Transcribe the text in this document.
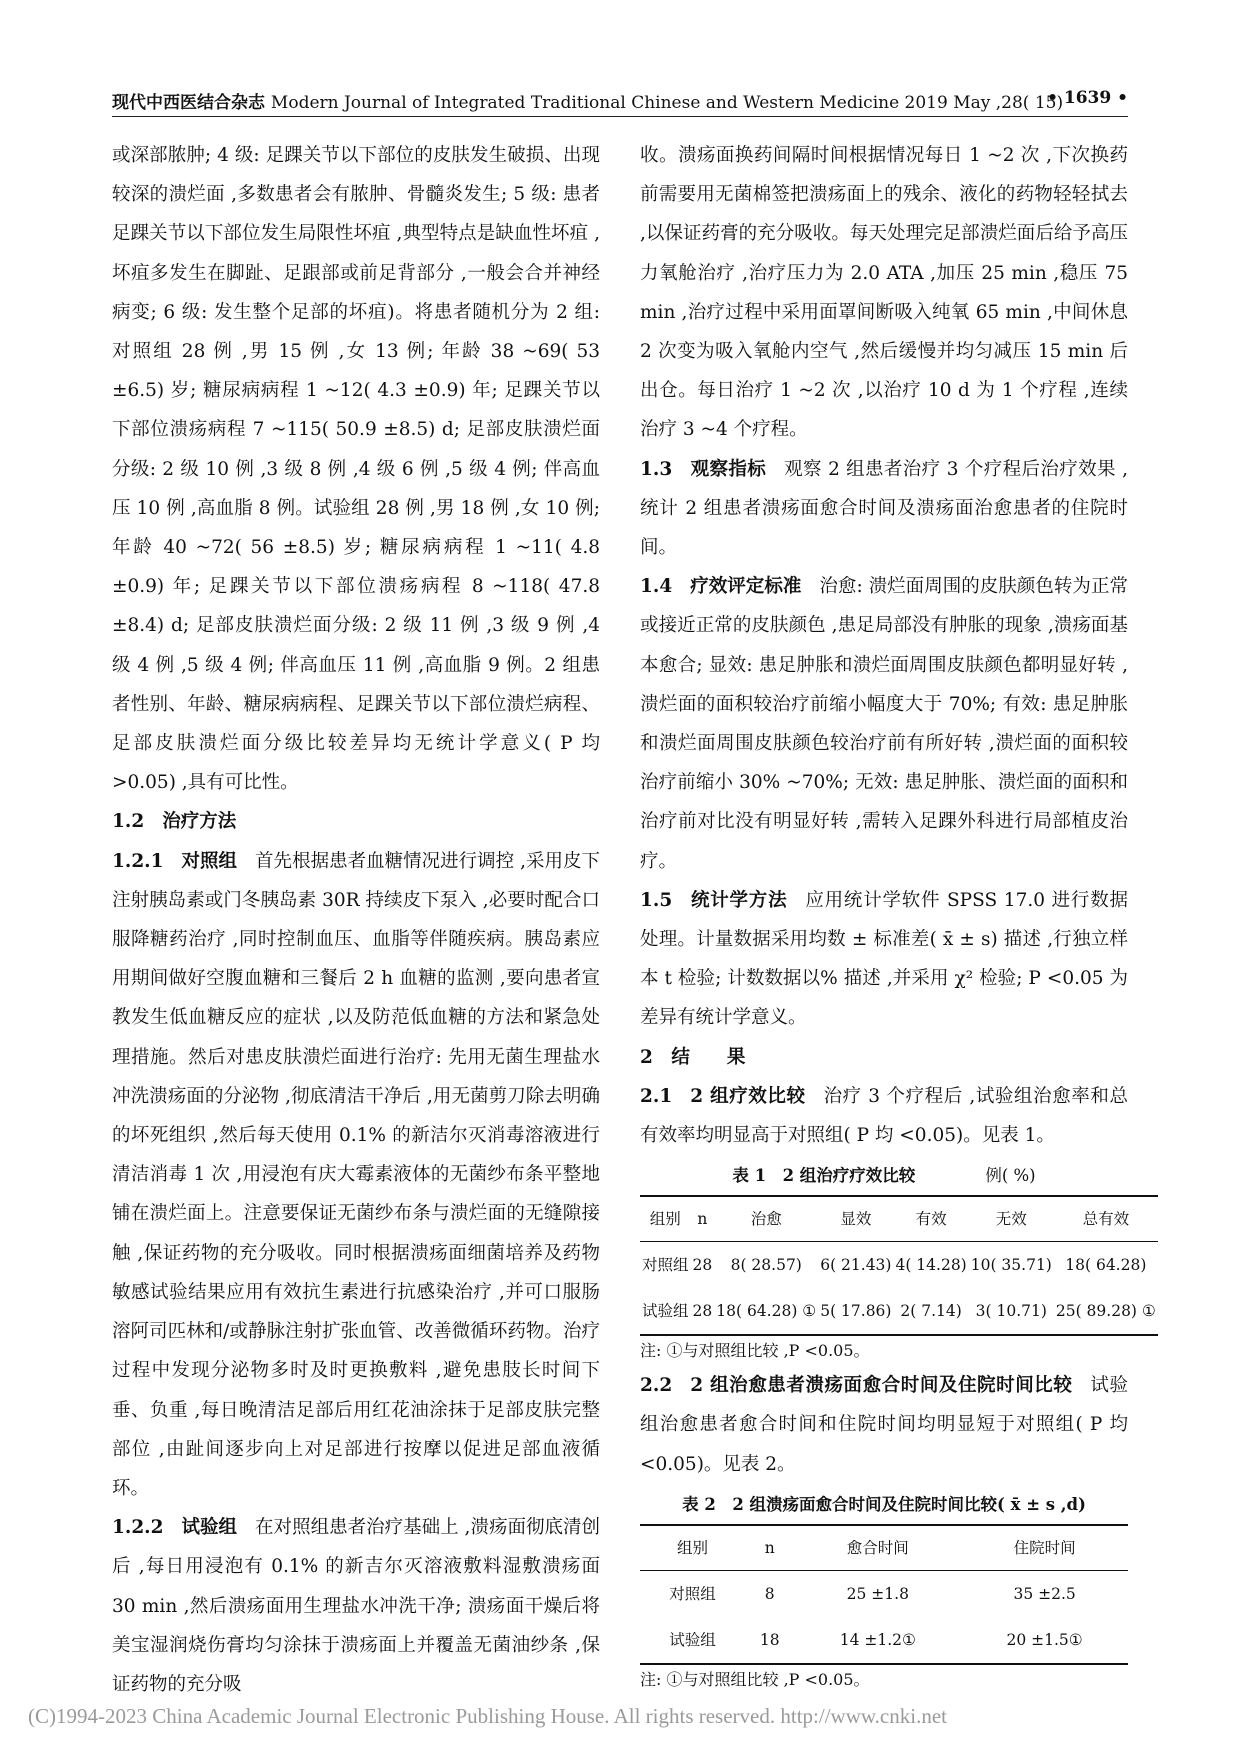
现代中西医结合杂志 Modern Journal of Integrated Traditional Chinese and Western Medicine 2019 May ,28( 15)
• 1639 •

或深部脓肿; 4 级: 足踝关节以下部位的皮肤发生破损、出现较深的溃烂面 ,多数患者会有脓肿、骨髓炎发生; 5 级: 患者足踝关节以下部位发生局限性坏疽 ,典型特点是缺血性坏疽 ,坏疽多发生在脚趾、足跟部或前足背部分 ,一般会合并神经病变; 6 级: 发生整个足部的坏疽)。将患者随机分为 2 组: 对照组 28 例 ,男 15 例 ,女 13 例; 年龄 38 ~69( 53 ±6.5) 岁; 糖尿病病程 1 ~12( 4.3 ±0.9) 年; 足踝关节以下部位溃疡病程 7 ~115( 50.9 ±8.5) d; 足部皮肤溃烂面分级: 2 级 10 例 ,3 级 8 例 ,4 级 6 例 ,5 级 4 例; 伴高血压 10 例 ,高血脂 8 例。试验组 28 例 ,男 18 例 ,女 10 例; 年龄 40 ~72( 56 ±8.5) 岁; 糖尿病病程 1 ~11( 4.8 ±0.9) 年; 足踝关节以下部位溃疡病程 8 ~118( 47.8 ±8.4) d; 足部皮肤溃烂面分级: 2 级 11 例 ,3 级 9 例 ,4 级 4 例 ,5 级 4 例; 伴高血压 11 例 ,高血脂 9 例。2 组患者性别、年龄、糖尿病病程、足踝关节以下部位溃烂病程、足部皮肤溃烂面分级比较差异均无统计学意义( P 均 >0.05) ,具有可比性。

1.2 治疗方法

1.2.1 对照组 首先根据患者血糖情况进行调控 ,采用皮下注射胰岛素或门冬胰岛素 30R 持续皮下泵入 ,必要时配合口服降糖药治疗 ,同时控制血压、血脂等伴随疾病。胰岛素应用期间做好空腹血糖和三餐后 2 h 血糖的监测 ,要向患者宣教发生低血糖反应的症状 ,以及防范低血糖的方法和紧急处理措施。然后对患皮肤溃烂面进行治疗: 先用无菌生理盐水冲洗溃疡面的分泌物 ,彻底清洁干净后 ,用无菌剪刀除去明确的坏死组织 ,然后每天使用 0.1% 的新洁尔灭消毒溶液进行清洁消毒 1 次 ,用浸泡有庆大霉素液体的无菌纱布条平整地铺在溃烂面上。注意要保证无菌纱布条与溃烂面的无缝隙接触 ,保证药物的充分吸收。同时根据溃疡面细菌培养及药物敏感试验结果应用有效抗生素进行抗感染治疗 ,并可口服肠溶阿司匹林和/或静脉注射扩张血管、改善微循环药物。治疗过程中发现分泌物多时及时更换敷料 ,避免患肢长时间下垂、负重 ,每日晚清洁足部后用红花油涂抹于足部皮肤完整部位 ,由趾间逐步向上对足部进行按摩以促进足部血液循环。

1.2.2 试验组 在对照组患者治疗基础上 ,溃疡面彻底清创后 ,每日用浸泡有 0.1% 的新吉尔灭溶液敷料湿敷溃疡面 30 min ,然后溃疡面用生理盐水冲洗干净; 溃疡面干燥后将美宝湿润烧伤膏均匀涂抹于溃疡面上并覆盖无菌油纱条 ,保证药物的充分吸

收。溃疡面换药间隔时间根据情况每日 1 ~2 次 ,下次换药前需要用无菌棉签把溃疡面上的残余、液化的药物轻轻拭去 ,以保证药膏的充分吸收。每天处理完足部溃烂面后给予高压力氧舱治疗 ,治疗压力为 2.0 ATA ,加压 25 min ,稳压 75 min ,治疗过程中采用面罩间断吸入纯氧 65 min ,中间休息 2 次变为吸入氧舱内空气 ,然后缓慢并均匀减压 15 min 后出仓。每日治疗 1 ~2 次 ,以治疗 10 d 为 1 个疗程 ,连续治疗 3 ~4 个疗程。

1.3 观察指标 观察 2 组患者治疗 3 个疗程后治疗效果 ,统计 2 组患者溃疡面愈合时间及溃疡面治愈患者的住院时间。

1.4 疗效评定标准 治愈: 溃烂面周围的皮肤颜色转为正常或接近正常的皮肤颜色 ,患足局部没有肿胀的现象 ,溃疡面基本愈合; 显效: 患足肿胀和溃烂面周围皮肤颜色都明显好转 ,溃烂面的面积较治疗前缩小幅度大于 70%; 有效: 患足肿胀和溃烂面周围皮肤颜色较治疗前有所好转 ,溃烂面的面积较治疗前缩小 30% ~70%; 无效: 患足肿胀、溃烂面的面积和治疗前对比没有明显好转 ,需转入足踝外科进行局部植皮治疗。

1.5 统计学方法 应用统计学软件 SPSS 17.0 进行数据处理。计量数据采用均数 ± 标准差( x̄ ± s) 描述 ,行独立样本 t 检验; 计数数据以% 描述 ,并采用 χ² 检验; P <0.05 为差异有统计学意义。

2　结　　果

2.1 2 组疗效比较 治疗 3 个疗程后 ,试验组治愈率和总有效率均明显高于对照组( P 均 <0.05)。见表 1。

表 1　2 组治疗疗效比较	例( %)
组别	n	治愈	显效	有效	无效	总有效
对照组	28	8( 28.57)	6( 21.43)	4( 14.28)	10( 35.71)	18( 64.28)
试验组	28	18( 64.28) ①	5( 17.86)	2( 7.14)	3( 10.71)	25( 89.28) ①

注: ①与对照组比较 ,P <0.05。

2.2 2 组治愈患者溃疡面愈合时间及住院时间比较 试验组治愈患者愈合时间和住院时间均明显短于对照组( P 均 <0.05)。见表 2。

表 2　2 组溃疡面愈合时间及住院时间比较( x̄ ± s ,d)
组别	n	愈合时间	住院时间
对照组	8	25 ±1.8	35 ±2.5
试验组	18	14 ±1.2①	20 ±1.5①

注: ①与对照组比较 ,P <0.05。

(C)1994-2023 China Academic Journal Electronic Publishing House. All rights reserved. http://www.cnki.net
